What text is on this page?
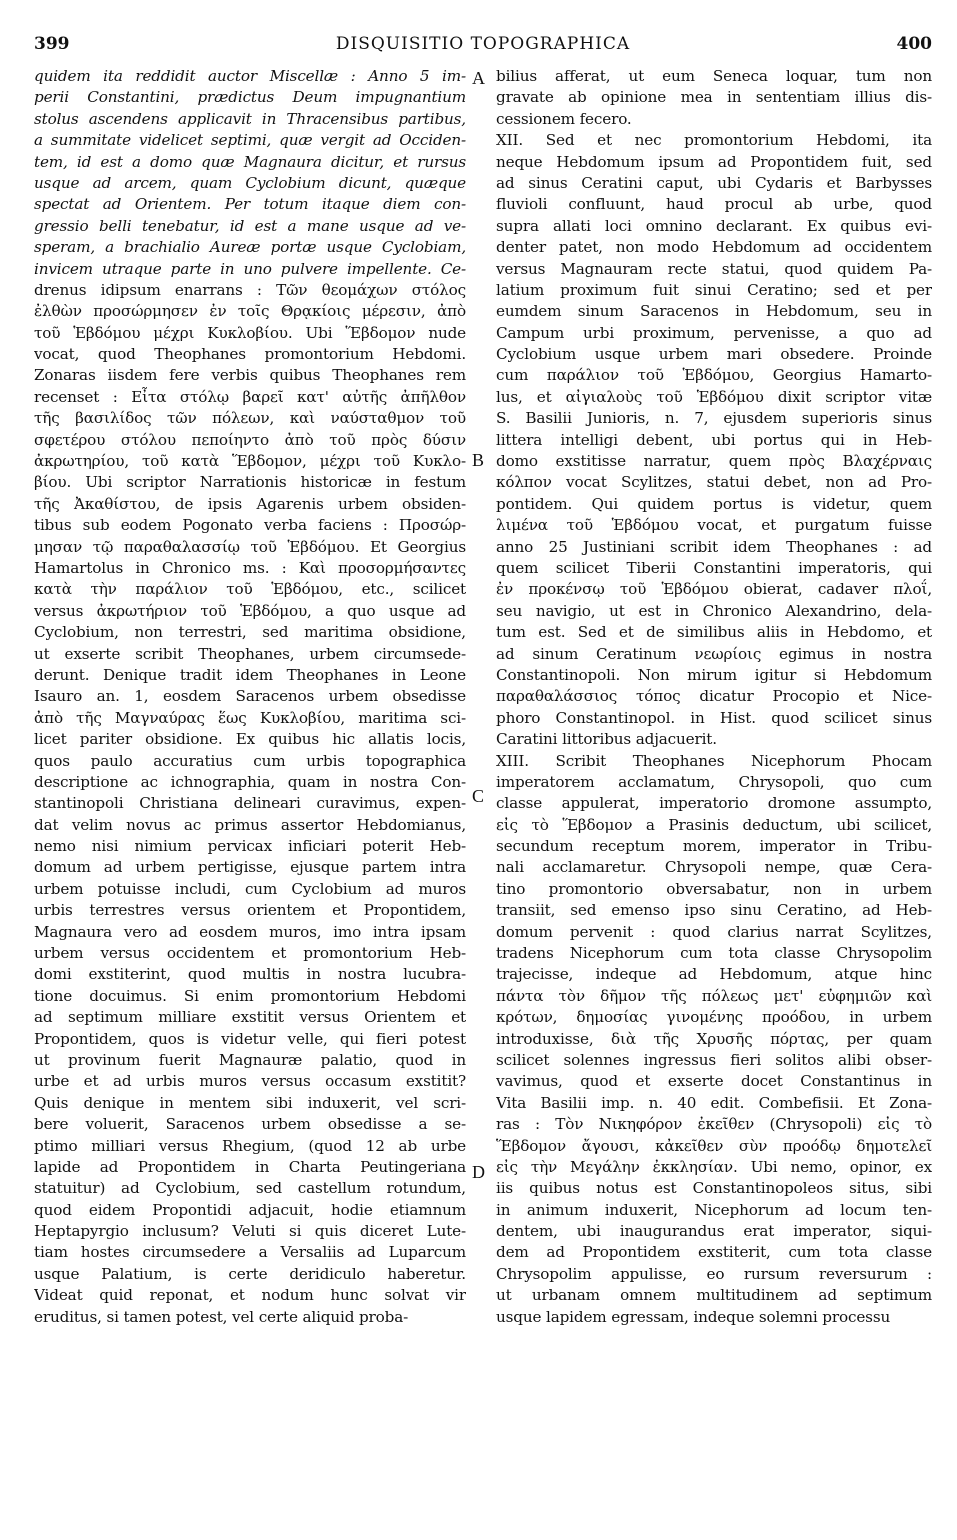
399	DISQUISITIO TOPOGRAPHICA	400
quidem ita reddidit auctor Miscellæ : Anno 5 im-
perii Constantini, prædictus Deum impugnantium
stolus ascendens applicavit in Thracensibus partibus,
a summitate videlicet septimi, quæ vergit ad Occiden-
tem, id est a domo quæ Magnaura dicitur, et rursus
usque ad arcem, quam Cyclobium dicunt, quæque
spectat ad Orientem. Per totum itaque diem con-
gressio belli tenebatur, id est a mane usque ad ve-
speram, a brachialio Aureæ portæ usque Cyclobiam,
invicem utraque parte in uno pulvere impellente. Ce-
drenus idipsum enarrans : Τῶν θεομάχων στόλος
ἐλθὼν προσώρμησεν ἐν τοῖς Θρᾳκίοις μέρεσιν, ἀπὸ
τοῦ Ἑβδόμου μέχρι Κυκλοβίου. Ubi Ἕβδομον nude
vocat, quod Theophanes promontorium Hebdomi.
Zonaras iisdem fere verbis quibus Theophanes rem
recenset : Εἶτα στόλῳ βαρεῖ κατ' αὐτῆς ἀπῆλθον
τῆς βασιλίδος τῶν πόλεων, καὶ ναύσταθμον τοῦ
σφετέρου στόλου πεποίηντο ἀπὸ τοῦ πρὸς δύσιν
ἀκρωτηρίου, τοῦ κατὰ Ἕβδομον, μέχρι τοῦ Κυκλο-
βίου. Ubi scriptor Narrationis historicæ in festum
τῆς Ἀκαθίστου, de ipsis Agarenis urbem obsiden-
tibus sub eodem Pogonato verba faciens : Προσώρ-
μησαν τῷ παραθαλασσίῳ τοῦ Ἑβδόμου. Et Georgius
Hamartolus in Chronico ms. : Καὶ προσορμήσαντες
κατὰ τὴν παράλιον τοῦ Ἑβδόμου, etc., scilicet
versus ἀκρωτήριον τοῦ Ἑβδόμου, a quo usque ad
Cyclobium, non terrestri, sed maritima obsidione,
ut exserte scribit Theophanes, urbem circumsede-
derunt. Denique tradit idem Theophanes in Leone
Isauro an. 1, eosdem Saracenos urbem obsedisse
ἀπὸ τῆς Μαγναύρας ἕως Κυκλοβίου, maritima sci-
licet pariter obsidione. Ex quibus hic allatis locis,
quos paulo accuratius cum urbis topographica
descriptione ac ichnographia, quam in nostra Con-
stantinopoli Christiana delineari curavimus, expen-
dat velim novus ac primus assertor Hebdomianus,
nemo nisi nimium pervicax inficiari poterit Heb-
domum ad urbem pertigisse, ejusque partem intra
urbem potuisse includi, cum Cyclobium ad muros
urbis terrestres versus orientem et Propontidem,
Magnaura vero ad eosdem muros, imo intra ipsam
urbem versus occidentem et promontorium Heb-
domi exstiterint, quod multis in nostra lucubra-
tione docuimus. Si enim promontorium Hebdomi
ad septimum milliare exstitit versus Orientem et
Propontidem, quos is videtur velle, qui fieri potest
ut provinum fuerit Magnauræ palatio, quod in
urbe et ad urbis muros versus occasum exstitit?
Quis denique in mentem sibi induxerit, vel scri-
bere voluerit, Saracenos urbem obsedisse a se-
ptimo milliari versus Rhegium, (quod 12 ab urbe
lapide ad Propontidem in Charta Peutingeriana
statuitur) ad Cyclobium, sed castellum rotundum,
quod eidem Propontidi adjacuit, hodie etiamnum
Heptapyrgio inclusum? Veluti si quis diceret Lute-
tiam hostes circumsedere a Versaliis ad Luparcum
usque Palatium, is certe deridiculo haberetur.
Videat quid reponat, et nodum hunc solvat vir
eruditus, si tamen potest, vel certe aliquid proba-
bilius afferat, ut eum Seneca loquar, tum non
gravate ab opinione mea in sententiam illius dis-
cessionem fecero.
XII. Sed et nec promontorium Hebdomi, ita
neque Hebdomum ipsum ad Propontidem fuit, sed
ad sinus Ceratini caput, ubi Cydaris et Barbysses
fluvioli confluunt, haud procul ab urbe, quod
supra allati loci omnino declarant. Ex quibus evi-
denter patet, non modo Hebdomum ad occidentem
versus Magnauram recte statui, quod quidem Pa-
latium proximum fuit sinui Ceratino; sed et per
eumdem sinum Saracenos in Hebdomum, seu in
Campum urbi proximum, pervenisse, a quo ad
Cyclobium usque urbem mari obsedere. Proinde
cum παράλιον τοῦ Ἑβδόμου, Georgius Hamarto-
lus, et αἰγιαλοὺς τοῦ Ἑβδόμου dixit scriptor vitæ
S. Basilii Junioris, n. 7, ejusdem superioris sinus
littera intelligi debent, ubi portus qui in Heb-
domo exstitisse narratur, quem πρὸς Βλαχέρναις
κόλπον vocat Scylitzes, statui debet, non ad Pro-
pontidem. Qui quidem portus is videtur, quem
λιμένα τοῦ Ἑβδόμου vocat, et purgatum fuisse
anno 25 Justiniani scribit idem Theophanes : ad
quem scilicet Tiberii Constantini imperatoris, qui
ἐν προκένσῳ τοῦ Ἑβδόμου obierat, cadaver πλοΐ,
seu navigio, ut est in Chronico Alexandrino, dela-
tum est. Sed et de similibus aliis in Hebdomo, et
ad sinum Ceratinum νεωρίοις egimus in nostra
Constantinopoli. Non mirum igitur si Hebdomum
παραθαλάσσιος τόπος dicatur Procopio et Nice-
phoro Constantinopol. in Hist. quod scilicet sinus
Caratini littoribus adjacuerit.
XIII. Scribit Theophanes Nicephorum Phocam
imperatorem acclamatum, Chrysopoli, quo cum
classe appulerat, imperatorio dromone assumpto,
εἰς τὸ Ἕβδομον a Prasinis deductum, ubi scilicet,
secundum receptum morem, imperator in Tribu-
nali acclamaretur. Chrysopoli nempe, quæ Cera-
tino promontorio obversabatur, non in urbem
transiit, sed emenso ipso sinu Ceratino, ad Heb-
domum pervenit : quod clarius narrat Scylitzes,
tradens Nicephorum cum tota classe Chrysopolim
trajecisse, indeque ad Hebdomum, atque hinc
πάντα τὸν δῆμον τῆς πόλεως μετ' εὐφημιῶν καὶ
κρότων, δημοσίας γινομένης προόδου, in urbem
introduxisse, διὰ τῆς Χρυσῆς πόρτας, per quam
scilicet solennes ingressus fieri solitos alibi obser-
vavimus, quod et exserte docet Constantinus in
Vita Basilii imp. n. 40 edit. Combefisii. Et Zona-
ras : Τὸν Νικηφόρον ἐκεῖθεν (Chrysopoli) εἰς τὸ
Ἕβδομον ἄγουσι, κἀκεῖθεν σὺν προόδῳ δημοτελεῖ
εἰς τὴν Μεγάλην ἐκκλησίαν. Ubi nemo, opinor, ex
iis quibus notus est Constantinopoleos situs, sibi
in animum induxerit, Nicephorum ad locum ten-
dentem, ubi inaugurandus erat imperator, siqui-
dem ad Propontidem exstiterit, cum tota classe
Chrysopolim appulisse, eo rursum reversurum :
ut urbanam omnem multitudinem ad septimum
usque lapidem egressam, indeque solemni processu
A
B
C
D
